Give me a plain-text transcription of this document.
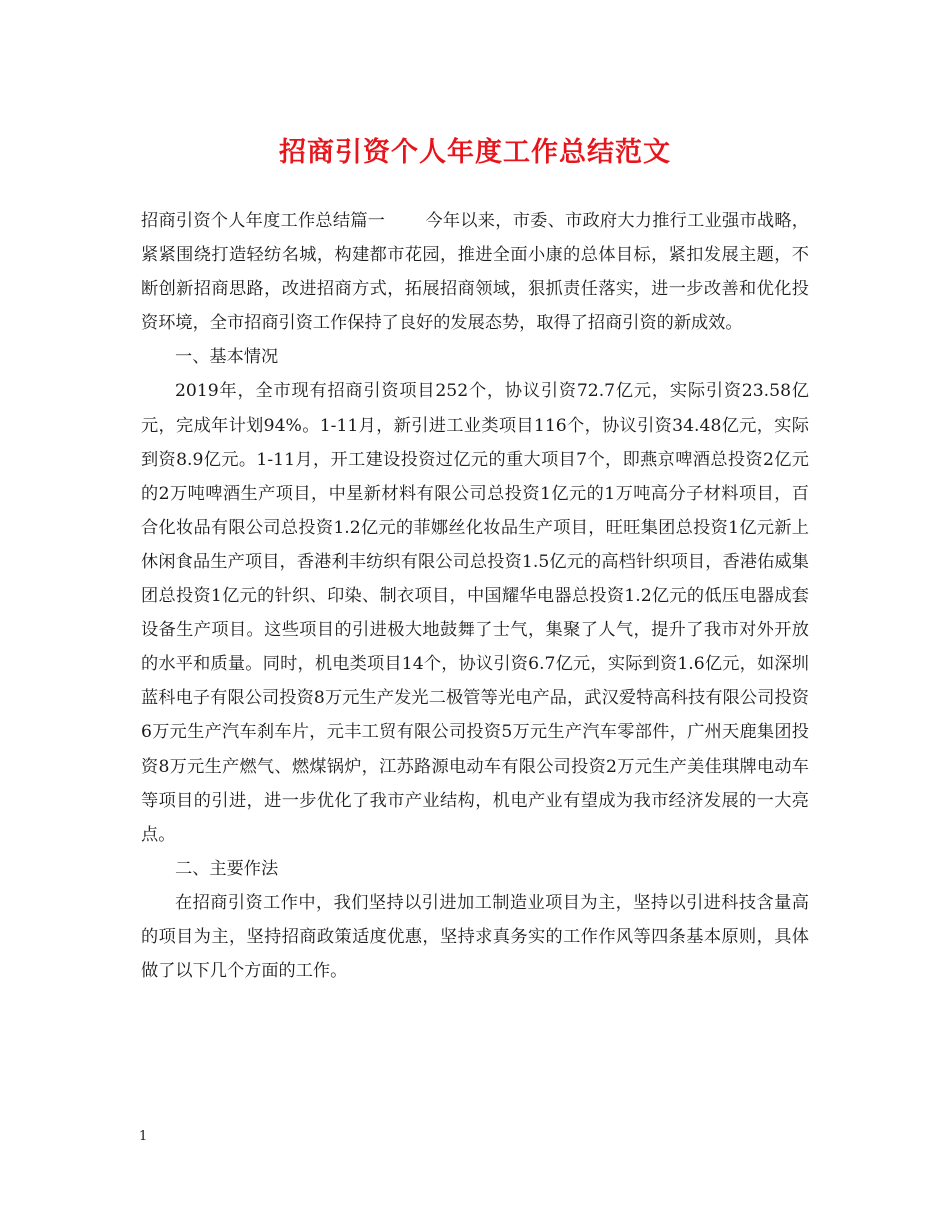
招商引资个人年度工作总结范文

招商引资个人年度工作总结篇一 今年以来，市委、市政府大力推行工业强市战略，紧紧围绕打造轻纺名城，构建都市花园，推进全面小康的总体目标，紧扣发展主题，不断创新招商思路，改进招商方式，拓展招商领域，狠抓责任落实，进一步改善和优化投资环境，全市招商引资工作保持了良好的发展态势，取得了招商引资的新成效。

一、基本情况

2019年，全市现有招商引资项目252个，协议引资72.7亿元，实际引资23.58亿元，完成年计划94%。1-11月，新引进工业类项目116个，协议引资34.48亿元，实际到资8.9亿元。1-11月，开工建设投资过亿元的重大项目7个，即燕京啤酒总投资2亿元的2万吨啤酒生产项目，中星新材料有限公司总投资1亿元的1万吨高分子材料项目，百合化妆品有限公司总投资1.2亿元的菲娜丝化妆品生产项目，旺旺集团总投资1亿元新上休闲食品生产项目，香港利丰纺织有限公司总投资1.5亿元的高档针织项目，香港佑威集团总投资1亿元的针织、印染、制衣项目，中国耀华电器总投资1.2亿元的低压电器成套设备生产项目。这些项目的引进极大地鼓舞了士气，集聚了人气，提升了我市对外开放的水平和质量。同时，机电类项目14个，协议引资6.7亿元，实际到资1.6亿元，如深圳蓝科电子有限公司投资8万元生产发光二极管等光电产品，武汉爱特高科技有限公司投资6万元生产汽车刹车片，元丰工贸有限公司投资5万元生产汽车零部件，广州天鹿集团投资8万元生产燃气、燃煤锅炉，江苏路源电动车有限公司投资2万元生产美佳琪牌电动车等项目的引进，进一步优化了我市产业结构，机电产业有望成为我市经济发展的一大亮点。

二、主要作法

在招商引资工作中，我们坚持以引进加工制造业项目为主，坚持以引进科技含量高的项目为主，坚持招商政策适度优惠，坚持求真务实的工作作风等四条基本原则，具体做了以下几个方面的工作。

1
